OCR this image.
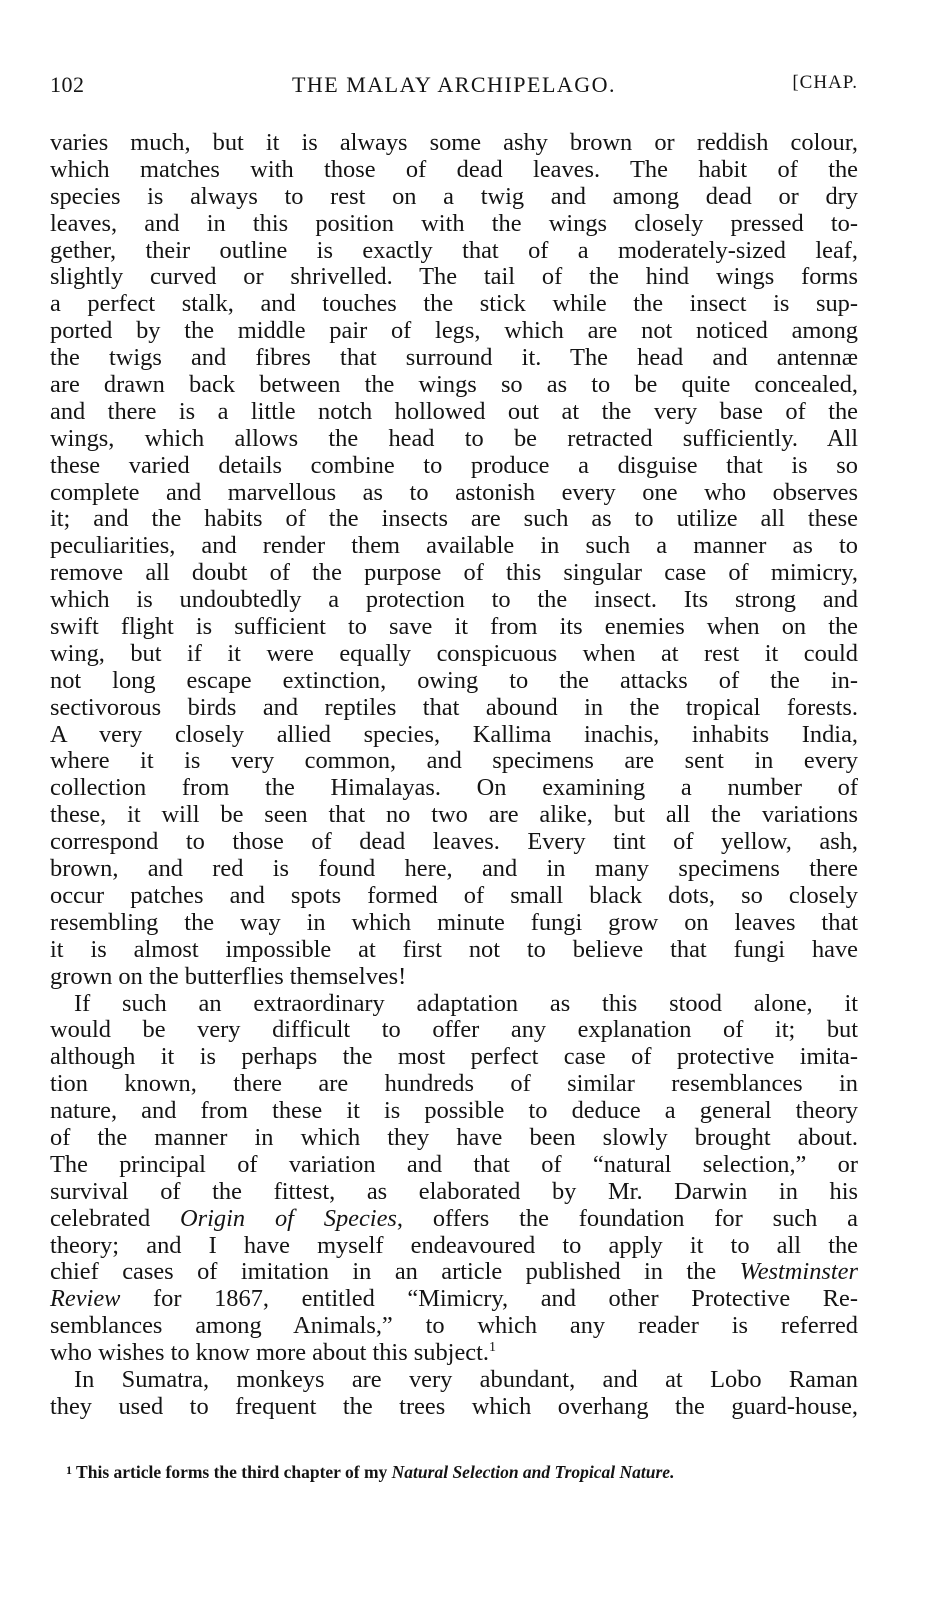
102	THE MALAY ARCHIPELAGO.	[CHAP.
varies much, but it is always some ashy brown or reddish colour,
which matches with those of dead leaves. The habit of the
species is always to rest on a twig and among dead or dry
leaves, and in this position with the wings closely pressed to-
gether, their outline is exactly that of a moderately-sized leaf,
slightly curved or shrivelled. The tail of the hind wings forms
a perfect stalk, and touches the stick while the insect is sup-
ported by the middle pair of legs, which are not noticed among
the twigs and fibres that surround it. The head and antennæ
are drawn back between the wings so as to be quite concealed,
and there is a little notch hollowed out at the very base of the
wings, which allows the head to be retracted sufficiently. All
these varied details combine to produce a disguise that is so
complete and marvellous as to astonish every one who observes
it; and the habits of the insects are such as to utilize all these
peculiarities, and render them available in such a manner as to
remove all doubt of the purpose of this singular case of mimicry,
which is undoubtedly a protection to the insect. Its strong and
swift flight is sufficient to save it from its enemies when on the
wing, but if it were equally conspicuous when at rest it could
not long escape extinction, owing to the attacks of the in-
sectivorous birds and reptiles that abound in the tropical forests.
A very closely allied species, Kallima inachis, inhabits India,
where it is very common, and specimens are sent in every
collection from the Himalayas. On examining a number of
these, it will be seen that no two are alike, but all the variations
correspond to those of dead leaves. Every tint of yellow, ash,
brown, and red is found here, and in many specimens there
occur patches and spots formed of small black dots, so closely
resembling the way in which minute fungi grow on leaves that
it is almost impossible at first not to believe that fungi have
grown on the butterflies themselves!
If such an extraordinary adaptation as this stood alone, it
would be very difficult to offer any explanation of it; but
although it is perhaps the most perfect case of protective imita-
tion known, there are hundreds of similar resemblances in
nature, and from these it is possible to deduce a general theory
of the manner in which they have been slowly brought about.
The principal of variation and that of “natural selection,” or
survival of the fittest, as elaborated by Mr. Darwin in his
celebrated Origin of Species, offers the foundation for such a
theory; and I have myself endeavoured to apply it to all the
chief cases of imitation in an article published in the Westminster
Review for 1867, entitled “Mimicry, and other Protective Re-
semblances among Animals,” to which any reader is referred
who wishes to know more about this subject.$^1$
In Sumatra, monkeys are very abundant, and at Lobo Raman
they used to frequent the trees which overhang the guard-house,
$^1$ This article forms the third chapter of my Natural Selection and Tropical Nature.
